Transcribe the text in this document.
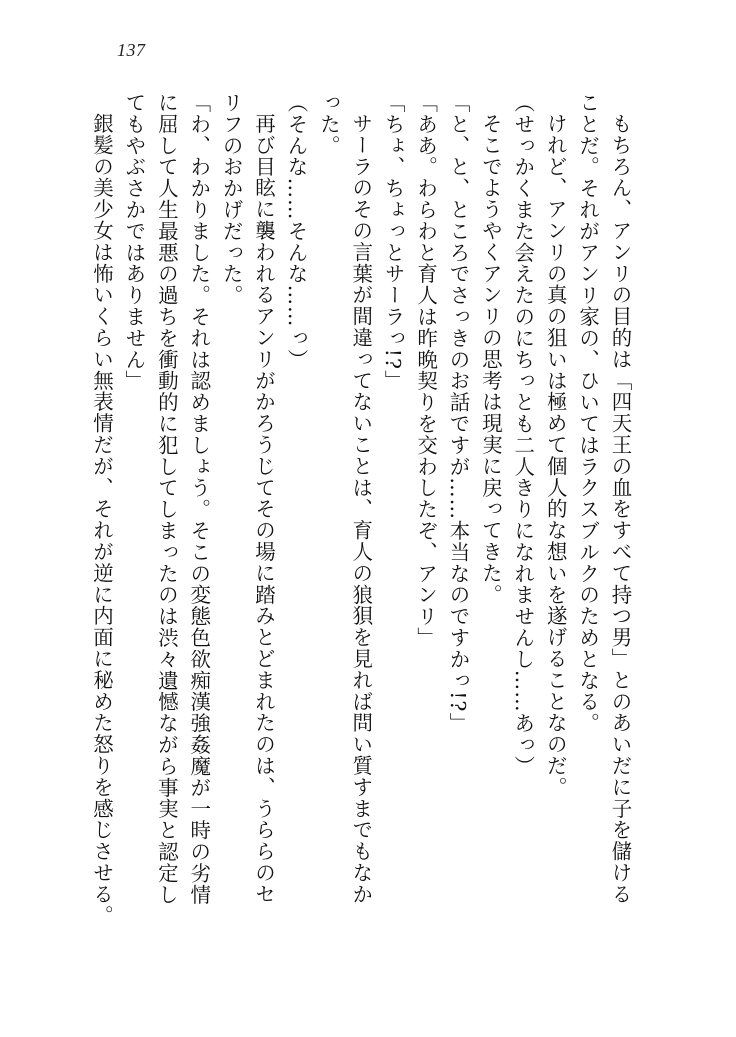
137

もちろん、アンリの目的は「四天王の血をすべて持つ男」とのあいだに子を儲ける

ことだ。それがアンリ家の、ひいてはラクスブルクのためとなる。

けれど、アンリの真の狙いは極めて個人的な想いを遂げることなのだ。

（せっかくまた会えたのにちっとも二人きりになれませんし……あっ）

そこでようやくアンリの思考は現実に戻ってきた。

「と、と、ところでさっきのお話ですが……本当なのですかっ!?」

「ああ。わらわと育人は昨晩契りを交わしたぞ、アンリ」

「ちょ、ちょっとサーラっ!?」

サーラのその言葉が間違ってないことは、育人の狼狽を見れば問い質すまでもなか

った。

（そんな……そんな……っ）

再び目眩に襲われるアンリがかろうじてその場に踏みとどまれたのは、うららのセ

リフのおかげだった。

「わ、わかりました。それは認めましょう。そこの変態色欲痴漢強姦魔が一時の劣情

に屈して人生最悪の過ちを衝動的に犯してしまったのは渋々遺憾ながら事実と認定し

てもやぶさかではありません」

銀髪の美少女は怖いくらい無表情だが、それが逆に内面に秘めた怒りを感じさせる。
